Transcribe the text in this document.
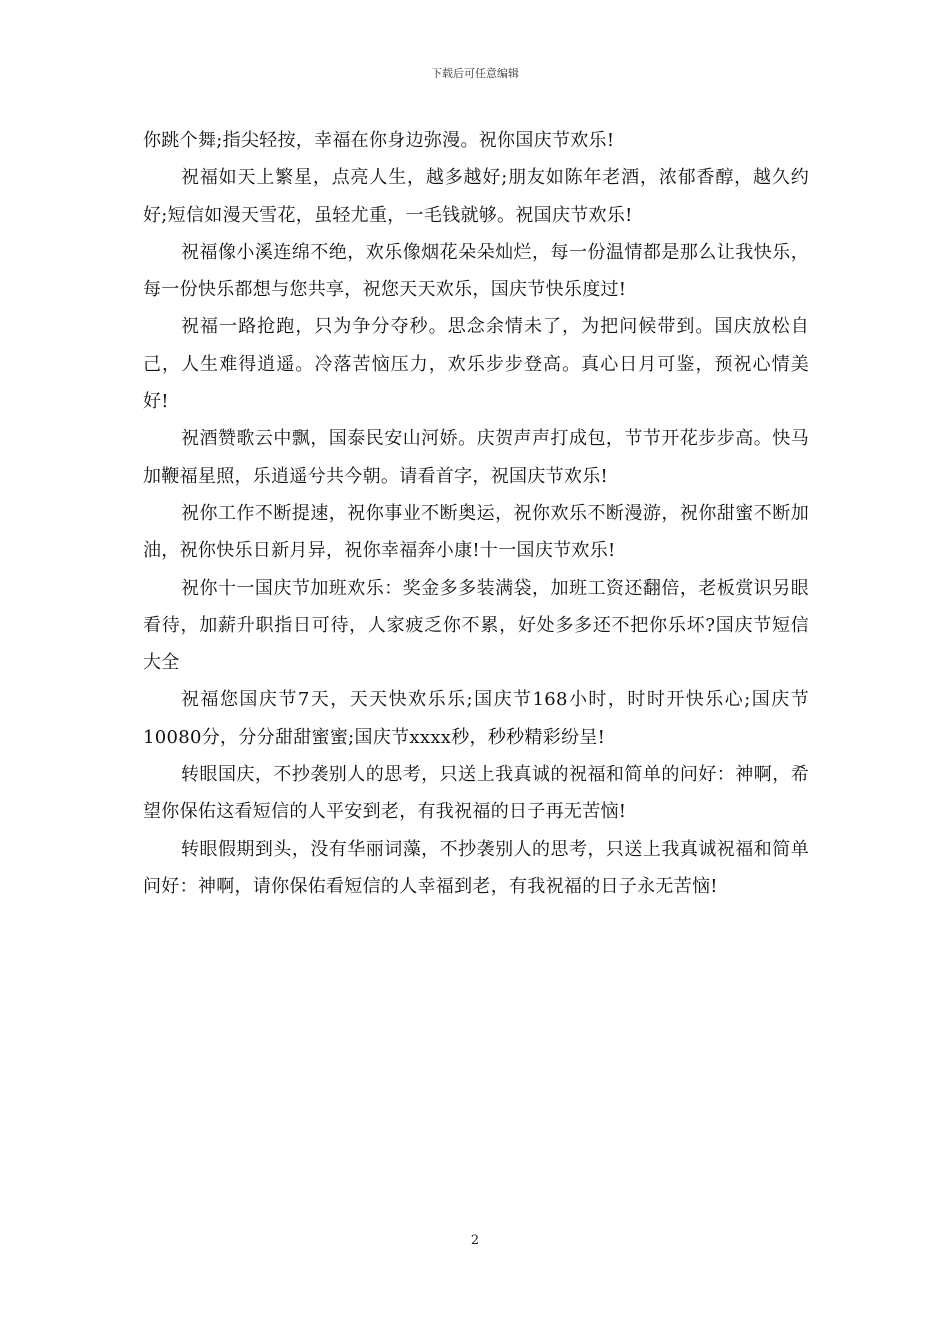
下载后可任意编辑

你跳个舞;指尖轻按，幸福在你身边弥漫。祝你国庆节欢乐!

祝福如天上繁星，点亮人生，越多越好;朋友如陈年老酒，浓郁香醇，越久约好;短信如漫天雪花，虽轻尤重，一毛钱就够。祝国庆节欢乐!

祝福像小溪连绵不绝，欢乐像烟花朵朵灿烂，每一份温情都是那么让我快乐，每一份快乐都想与您共享，祝您天天欢乐，国庆节快乐度过!

祝福一路抢跑，只为争分夺秒。思念余情未了，为把问候带到。国庆放松自己，人生难得逍遥。冷落苦恼压力，欢乐步步登高。真心日月可鉴，预祝心情美好!

祝酒赞歌云中飘，国泰民安山河娇。庆贺声声打成包，节节开花步步高。快马加鞭福星照，乐逍遥兮共今朝。请看首字，祝国庆节欢乐!

祝你工作不断提速，祝你事业不断奥运，祝你欢乐不断漫游，祝你甜蜜不断加油，祝你快乐日新月异，祝你幸福奔小康!十一国庆节欢乐!

祝你十一国庆节加班欢乐：奖金多多装满袋，加班工资还翻倍，老板赏识另眼看待，加薪升职指日可待，人家疲乏你不累，好处多多还不把你乐坏?国庆节短信大全

祝福您国庆节7天，天天快欢乐乐;国庆节168小时，时时开快乐心;国庆节10080分，分分甜甜蜜蜜;国庆节xxxx秒，秒秒精彩纷呈!

转眼国庆，不抄袭别人的思考，只送上我真诚的祝福和简单的问好：神啊，希望你保佑这看短信的人平安到老，有我祝福的日子再无苦恼!

转眼假期到头，没有华丽词藻，不抄袭别人的思考，只送上我真诚祝福和简单问好：神啊，请你保佑看短信的人幸福到老，有我祝福的日子永无苦恼!

2
